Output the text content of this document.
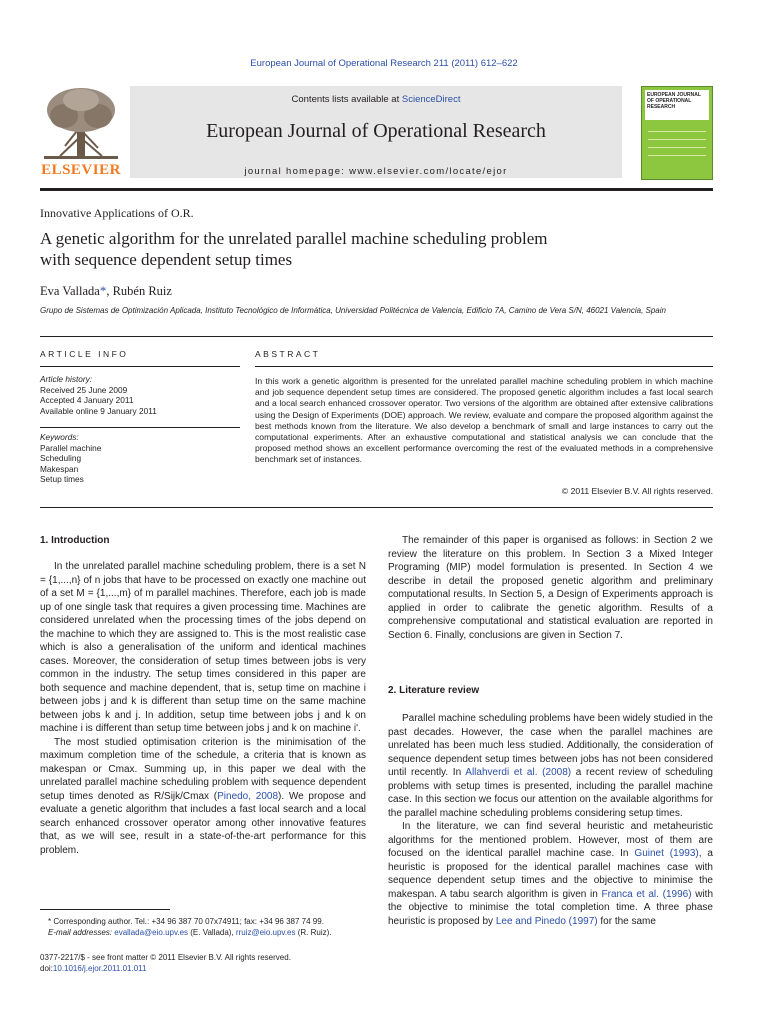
European Journal of Operational Research 211 (2011) 612–622
ELSEVIER
Contents lists available at ScienceDirect
European Journal of Operational Research
journal homepage: www.elsevier.com/locate/ejor
EUROPEAN JOURNAL OF OPERATIONAL RESEARCH
Innovative Applications of O.R.
A genetic algorithm for the unrelated parallel machine scheduling problem
with sequence dependent setup times
Eva Vallada*, Rubén Ruiz
Grupo de Sistemas de Optimización Aplicada, Instituto Tecnológico de Informática, Universidad Politécnica de Valencia, Edificio 7A, Camino de Vera S/N, 46021 Valencia, Spain
ARTICLE INFO
Article history:
Received 25 June 2009
Accepted 4 January 2011
Available online 9 January 2011
Keywords:
Parallel machine
Scheduling
Makespan
Setup times
ABSTRACT
In this work a genetic algorithm is presented for the unrelated parallel machine scheduling problem in which machine and job sequence dependent setup times are considered. The proposed genetic algorithm includes a fast local search and a local search enhanced crossover operator. Two versions of the algorithm are obtained after extensive calibrations using the Design of Experiments (DOE) approach. We review, evaluate and compare the proposed algorithm against the best methods known from the literature. We also develop a benchmark of small and large instances to carry out the computational experiments. After an exhaustive computational and statistical analysis we can conclude that the proposed method shows an excellent performance overcoming the rest of the evaluated methods in a comprehensive benchmark set of instances.
© 2011 Elsevier B.V. All rights reserved.
1. Introduction

In the unrelated parallel machine scheduling problem, there is a set N = {1,...,n} of n jobs that have to be processed on exactly one machine out of a set M = {1,...,m} of m parallel machines. Therefore, each job is made up of one single task that requires a given processing time. Machines are considered unrelated when the processing times of the jobs depend on the machine to which they are assigned to. This is the most realistic case which is also a generalisation of the uniform and identical machines cases. Moreover, the consideration of setup times between jobs is very common in the industry. The setup times considered in this paper are both sequence and machine dependent, that is, setup time on machine i between jobs j and k is different than setup time on the same machine between jobs k and j. In addition, setup time between jobs j and k on machine i is different than setup time between jobs j and k on machine i'.

The most studied optimisation criterion is the minimisation of the maximum completion time of the schedule, a criteria that is known as makespan or Cmax. Summing up, in this paper we deal with the unrelated parallel machine scheduling problem with sequence dependent setup times denoted as R/Sijk/Cmax (Pinedo, 2008). We propose and evaluate a genetic algorithm that includes a fast local search and a local search enhanced crossover operator among other innovative features that, as we will see, result in a state-of-the-art performance for this problem.

The remainder of this paper is organised as follows: in Section 2 we review the literature on this problem. In Section 3 a Mixed Integer Programing (MIP) model formulation is presented. In Section 4 we describe in detail the proposed genetic algorithm and preliminary computational results. In Section 5, a Design of Experiments approach is applied in order to calibrate the genetic algorithm. Results of a comprehensive computational and statistical evaluation are reported in Section 6. Finally, conclusions are given in Section 7.

2. Literature review

Parallel machine scheduling problems have been widely studied in the past decades. However, the case when the parallel machines are unrelated has been much less studied. Additionally, the consideration of sequence dependent setup times between jobs has not been considered until recently. In Allahverdi et al. (2008) a recent review of scheduling problems with setup times is presented, including the parallel machine case. In this section we focus our attention on the available algorithms for the parallel machine scheduling problems considering setup times.

In the literature, we can find several heuristic and metaheuristic algorithms for the mentioned problem. However, most of them are focused on the identical parallel machine case. In Guinet (1993), a heuristic is proposed for the identical parallel machines case with sequence dependent setup times and the objective to minimise the makespan. A tabu search algorithm is given in Franca et al. (1996) with the objective to minimise the total completion time. A three phase heuristic is proposed by Lee and Pinedo (1997) for the same

* Corresponding author. Tel.: +34 96 387 70 07x74911; fax: +34 96 387 74 99.
E-mail addresses: evallada@eio.upv.es (E. Vallada), rruiz@eio.upv.es (R. Ruiz).
0377-2217/$ - see front matter © 2011 Elsevier B.V. All rights reserved.
doi:10.1016/j.ejor.2011.01.011
